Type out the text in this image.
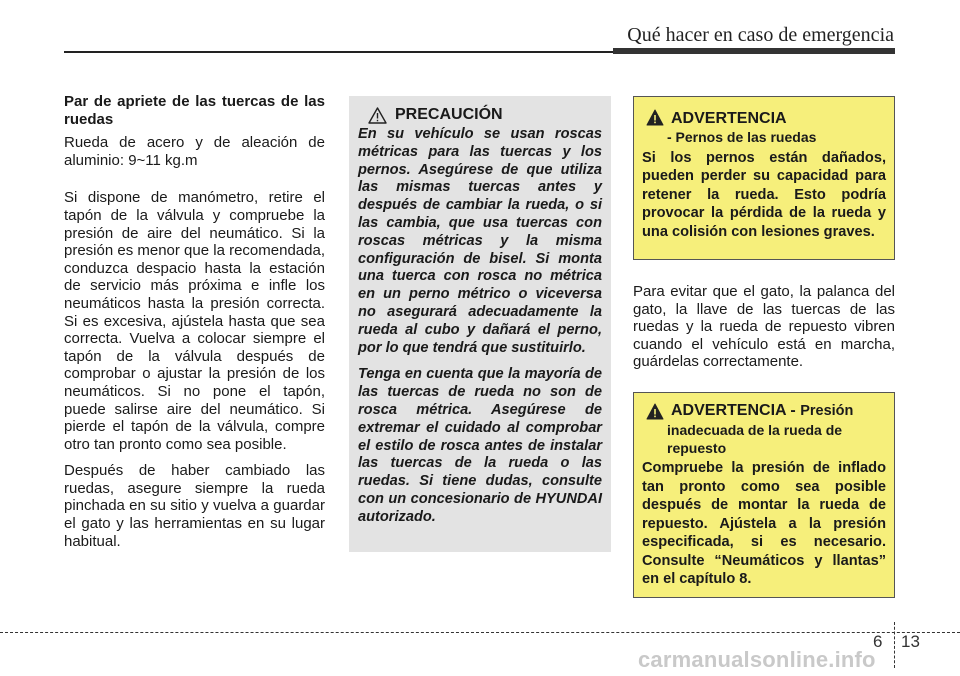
Qué hacer en caso de emergencia

Par de apriete de las tuercas de las ruedas

Rueda de acero y de aleación de aluminio: 9~11 kg.m

Si dispone de manómetro, retire el tapón de la válvula y compruebe la presión de aire del neumático. Si la presión es menor que la recomendada, conduzca despacio hasta la estación de servicio más próxima e infle los neumáticos hasta la presión correcta. Si es excesiva, ajústela hasta que sea correcta. Vuelva a colocar siempre el tapón de la válvula después de comprobar o ajustar la presión de los neumáticos. Si no pone el tapón, puede salirse aire del neumático. Si pierde el tapón de la válvula, compre otro tan pronto como sea posible.

Después de haber cambiado las ruedas, asegure siempre la rueda pinchada en su sitio y vuelva a guardar el gato y las herramientas en su lugar habitual.

PRECAUCIÓN

En su vehículo se usan roscas métricas para las tuercas y los pernos. Asegúrese de que utiliza las mismas tuercas antes y después de cambiar la rueda, o si las cambia, que usa tuercas con roscas métricas y la misma configuración de bisel. Si monta una tuerca con rosca no métrica en un perno métrico o viceversa no asegurará adecuadamente la rueda al cubo y dañará el perno, por lo que tendrá que sustituirlo.

Tenga en cuenta que la mayoría de las tuercas de rueda no son de rosca métrica. Asegúrese de extremar el cuidado al comprobar el estilo de rosca antes de instalar las tuercas de la rueda o las ruedas. Si tiene dudas, consulte con un concesionario de HYUNDAI autorizado.

ADVERTENCIA
- Pernos de las ruedas
Si los pernos están dañados, pueden perder su capacidad para retener la rueda. Esto podría provocar la pérdida de la rueda y una colisión con lesiones graves.

Para evitar que el gato, la palanca del gato, la llave de las tuercas de las ruedas y la rueda de repuesto vibren cuando el vehículo está en marcha, guárdelas correctamente.

ADVERTENCIA - Presión
inadecuada de la rueda de repuesto
Compruebe la presión de inflado tan pronto como sea posible después de montar la rueda de repuesto. Ajústela a la presión especificada, si es necesario. Consulte “Neumáticos y llantas” en el capítulo 8.
6 13
carmanualsonline.info
